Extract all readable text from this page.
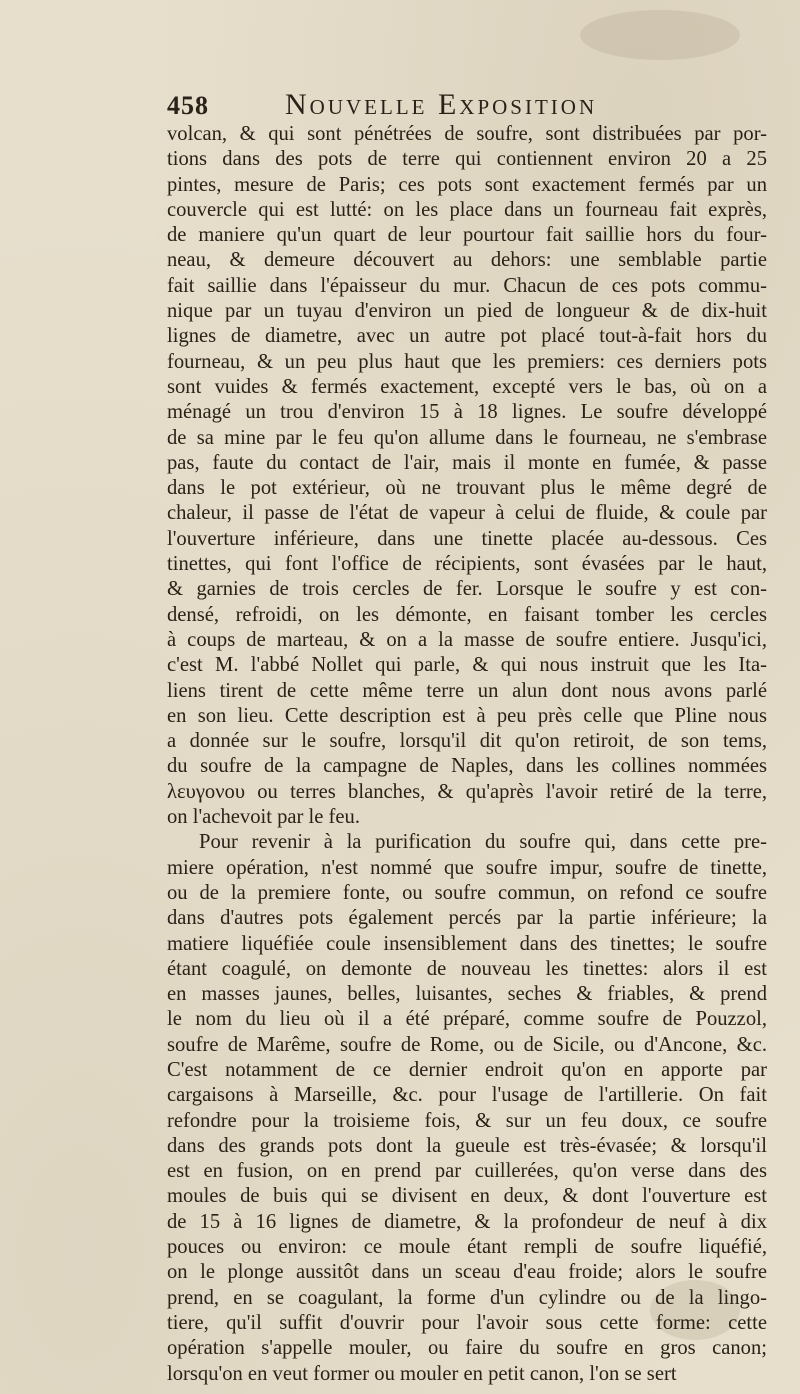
458	Nouvelle Exposition
volcan, & qui sont pénétrées de soufre, sont distribuées par por-
tions dans des pots de terre qui contiennent environ 20 a 25
pintes, mesure de Paris; ces pots sont exactement fermés par un
couvercle qui est lutté: on les place dans un fourneau fait exprès,
de maniere qu'un quart de leur pourtour fait saillie hors du four-
neau, & demeure découvert au dehors: une semblable partie
fait saillie dans l'épaisseur du mur. Chacun de ces pots commu-
nique par un tuyau d'environ un pied de longueur & de dix-huit
lignes de diametre, avec un autre pot placé tout-à-fait hors du
fourneau, & un peu plus haut que les premiers: ces derniers pots
sont vuides & fermés exactement, excepté vers le bas, où on a
ménagé un trou d'environ 15 à 18 lignes. Le soufre développé
de sa mine par le feu qu'on allume dans le fourneau, ne s'embrase
pas, faute du contact de l'air, mais il monte en fumée, & passe
dans le pot extérieur, où ne trouvant plus le même degré de
chaleur, il passe de l'état de vapeur à celui de fluide, & coule par
l'ouverture inférieure, dans une tinette placée au-dessous. Ces
tinettes, qui font l'office de récipients, sont évasées par le haut,
& garnies de trois cercles de fer. Lorsque le soufre y est con-
densé, refroidi, on les démonte, en faisant tomber les cercles
à coups de marteau, & on a la masse de soufre entiere. Jusqu'ici,
c'est M. l'abbé Nollet qui parle, & qui nous instruit que les Ita-
liens tirent de cette même terre un alun dont nous avons parlé
en son lieu. Cette description est à peu près celle que Pline nous
a donnée sur le soufre, lorsqu'il dit qu'on retiroit, de son tems,
du soufre de la campagne de Naples, dans les collines nommées
λευγονου ou terres blanches, & qu'après l'avoir retiré de la terre,
on l'achevoit par le feu.
Pour revenir à la purification du soufre qui, dans cette pre-
miere opération, n'est nommé que soufre impur, soufre de tinette,
ou de la premiere fonte, ou soufre commun, on refond ce soufre
dans d'autres pots également percés par la partie inférieure; la
matiere liquéfiée coule insensiblement dans des tinettes; le soufre
étant coagulé, on demonte de nouveau les tinettes: alors il est
en masses jaunes, belles, luisantes, seches & friables, & prend
le nom du lieu où il a été préparé, comme soufre de Pouzzol,
soufre de Marême, soufre de Rome, ou de Sicile, ou d'Ancone, &c.
C'est notamment de ce dernier endroit qu'on en apporte par
cargaisons à Marseille, &c. pour l'usage de l'artillerie. On fait
refondre pour la troisieme fois, & sur un feu doux, ce soufre
dans des grands pots dont la gueule est très-évasée; & lorsqu'il
est en fusion, on en prend par cuillerées, qu'on verse dans des
moules de buis qui se divisent en deux, & dont l'ouverture est
de 15 à 16 lignes de diametre, & la profondeur de neuf à dix
pouces ou environ: ce moule étant rempli de soufre liquéfié,
on le plonge aussitôt dans un sceau d'eau froide; alors le soufre
prend, en se coagulant, la forme d'un cylindre ou de la lingo-
tiere, qu'il suffit d'ouvrir pour l'avoir sous cette forme: cette
opération s'appelle mouler, ou faire du soufre en gros canon;
lorsqu'on en veut former ou mouler en petit canon, l'on se sert
